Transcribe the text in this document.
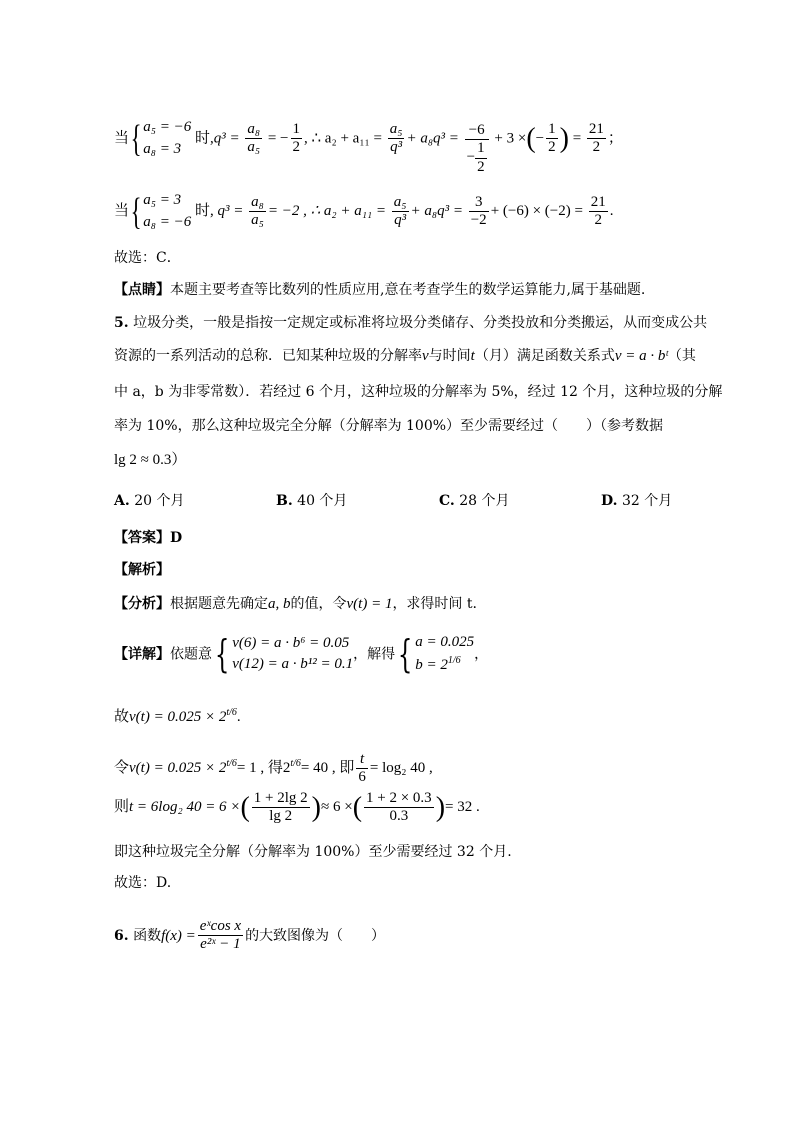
当{ a₅ = −6
a₈ = 3
时$,q^3 = \frac{\text{a₈}}{\text{a₅}}$ = − $\frac{1}{2}$ , ∴ $a_2 + a_{11} = \frac{\text{a₅}}{\text{q³}} + a_8q^3 = \frac{-6}{- \frac{1}{2}} + 3$ ×(− $\frac{1}{2}$ ) = $\frac{21}{2}$ ；
当{ a₅ = 3
a₈ = −6
时, $q^3 = \frac{\text{a₈}}{\text{a₅}} = -2$ , ∴ $a_2 + a_{11} = \frac{\text{a₅}}{\text{q³}} + a_8q^3 = \frac{3}{-2} + (-6) \times (-2) = \frac{21}{2}$ .
故选：C．
【点睛】本题主要考查等比数列的性质应用,意在考查学生的数学运算能力,属于基础题.
5. 垃圾分类，一般是指按一定规定或标准将垃圾分类储存、分类投放和分类搬运，从而变成公共
资源的一系列活动的总称．已知某种垃圾的分解率v与时间t（月）满足函数关系式v = a · bᵗ（其
中 a，b 为非零常数）．若经过 6 个月，这种垃圾的分解率为 5%，经过 12 个月，这种垃圾的分解
率为 10%，那么这种垃圾完全分解（分解率为 100%）至少需要经过（　　）（参考数据
lg 2 ≈ 0.3）
A. 20 个月	B. 40 个月	C. 28 个月	D. 32 个月
【答案】D
【解析】
【分析】根据题意先确定a, b的值，令v(t) = 1，求得时间 t.
【详解】依题意{ v(6) = a · b⁶ = 0.05
v(12) = a · b¹² = 0.1
，解得{ a = 0.025
$b = 2^{1/6}$ ，
故$v(t) = 0.025 \times 2^{t/6}$.
令$v(t) = 0.025 \times 2^{t/6}= 1$ , 得$2^{t/6}= 40$ , 即 $\frac{t}{6} = \log_2$ 40 ,
则t = 6log₂ 40 = 6 ×( $\frac{1 + 2\lg 2}{\lg 2}$ )≈ 6 ×( $\frac{1 + 2 \times 0.3}{0.3}$ )= 32 .
即这种垃圾完全分解（分解率为 100%）至少需要经过 32 个月.
故选：D.
6. 函数$f(x) = \frac{\text{eˣcos x}}{\text{e²ˣ − 1}}$ 的大致图像为（　　）
